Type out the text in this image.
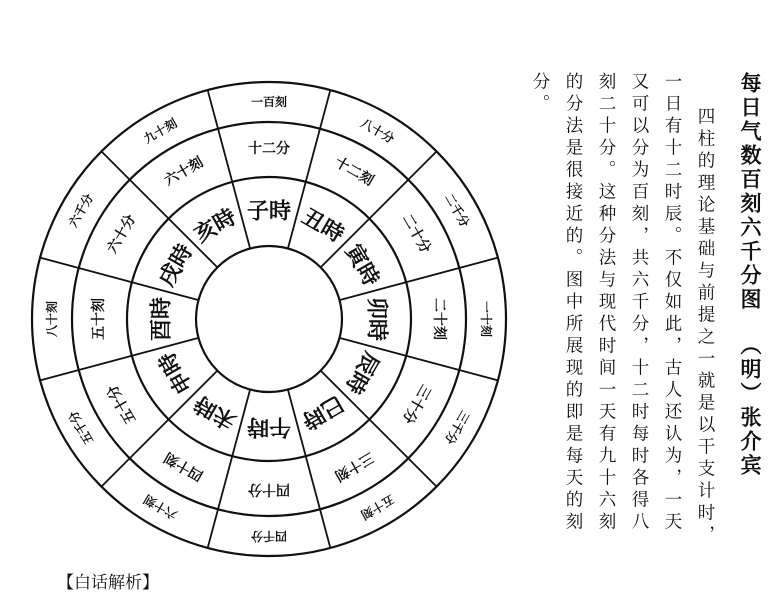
子時
十二分
一百刻
丑時
十二刻
八十分
寅時
二十分
二千分
卯時	二十刻	一十刻
辰時
三十分
三千分
巳時
三十刻
五十刻
午時
四十分
四千分
未時
四十刻
六十刻
申時
五十分
五千分
酉時
五十刻
八十刻
戌時
六十分
六千分	亥時
六十刻
九十刻	每日气数百刻六千分图（明）张介宾
四柱的理论基础与前提之一就是以干支计时，一日有十二时辰。不仅如此，古人还认为，一天又可以分为百刻，共六千分，十二时每时各得八刻二十分。这种分法与现代时间一天有九十六刻的分法是很接近的。图中所展现的即是每天的刻分。
【白话解析】
